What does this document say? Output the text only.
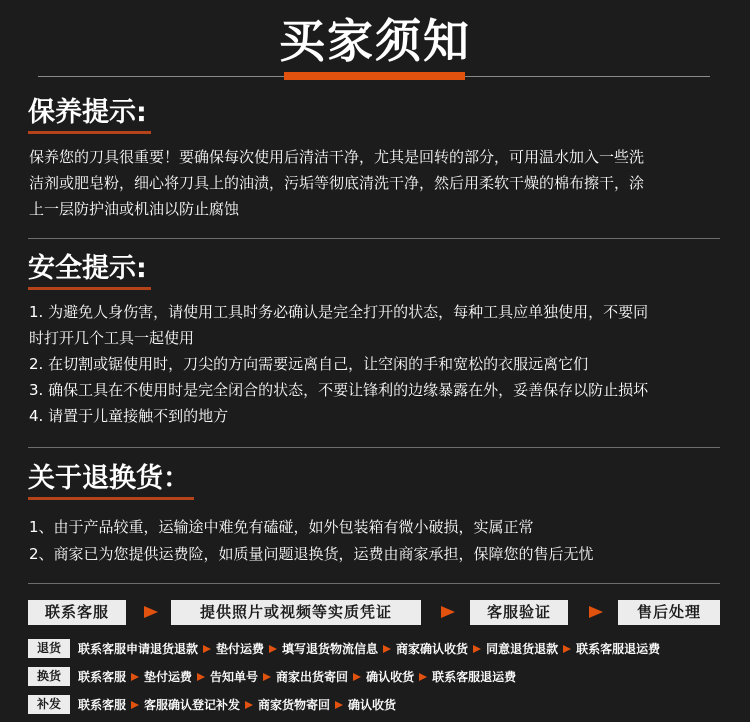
买家须知
保养提示:

保养您的刀具很重要！要确保每次使用后清洁干净，尤其是回转的部分，可用温水加入一些洗

洁剂或肥皂粉，细心将刀具上的油渍，污垢等彻底清洗干净，然后用柔软干燥的棉布擦干，涂

上一层防护油或机油以防止腐蚀

安全提示:

1. 为避免人身伤害，请使用工具时务必确认是完全打开的状态，每种工具应单独使用，不要同

时打开几个工具一起使用

2. 在切割或锯使用时，刀尖的方向需要远离自己，让空闲的手和宽松的衣服远离它们

3. 确保工具在不使用时是完全闭合的状态，不要让锋利的边缘暴露在外，妥善保存以防止损坏

4. 请置于儿童接触不到的地方

关于退换货：

1、由于产品较重，运输途中难免有磕碰，如外包装箱有微小破损，实属正常

2、商家已为您提供运费险，如质量问题退换货，运费由商家承担，保障您的售后无忧

联系客服	提供照片或视频等实质凭证	客服验证	售后处理
退货	联系客服申请退货退款 垫付运费 填写退货物流信息 商家确认收货 同意退货退款 联系客服退运费
换货	联系客服 垫付运费 告知单号 商家出货寄回 确认收货 联系客服退运费
补发	联系客服 客服确认登记补发 商家货物寄回 确认收货
